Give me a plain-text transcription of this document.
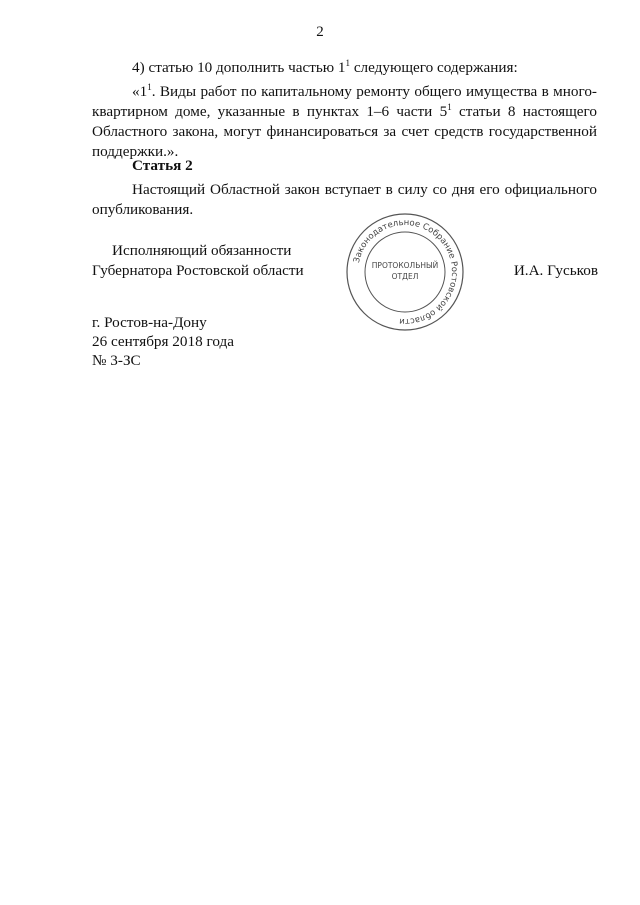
2

4) статью 10 дополнить частью $1^1$ следующего содержания:

«$1^1$. Виды работ по капитальному ремонту общего имущества в много-квартирном доме, указанные в пунктах 1–6 части $5^1$ статьи 8 настоящего Областного закона, могут финансироваться за счет средств государственной поддержки.».

Статья 2

Настоящий Областной закон вступает в силу со дня его официального опубликования.

Исполняющий обязанности
Губернатора Ростовской области
Законодательное Собрание Ростовской области
ПРОТОКОЛЬНЫЙ
ОТДЕЛ	И.А. Гуськов
г. Ростов-на-Дону
26 сентября 2018 года
№ 3-ЗС
